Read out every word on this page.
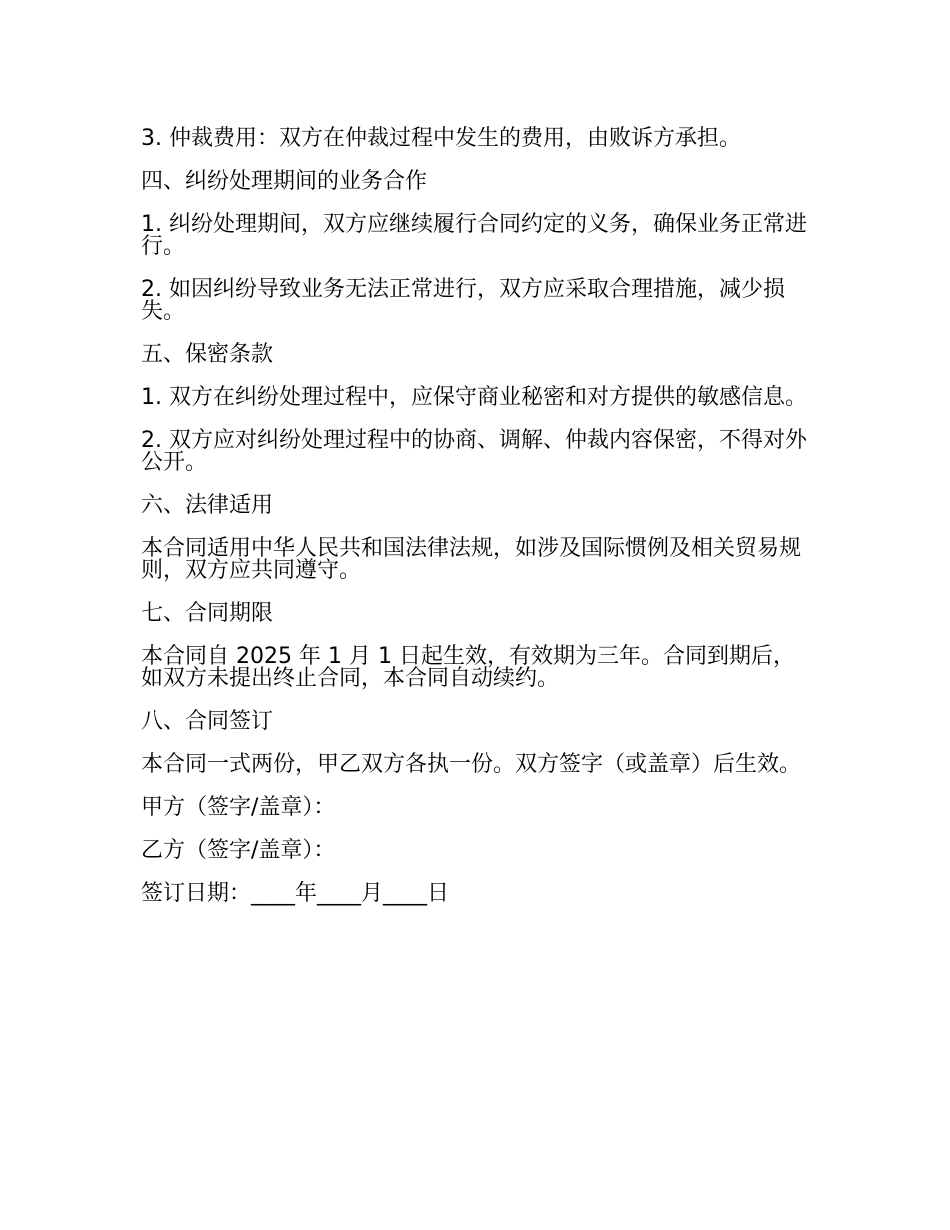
3. 仲裁费用：双方在仲裁过程中发生的费用，由败诉方承担。

四、纠纷处理期间的业务合作

1. 纠纷处理期间，双方应继续履行合同约定的义务，确保业务正常进行。

2. 如因纠纷导致业务无法正常进行，双方应采取合理措施，减少损失。

五、保密条款

1. 双方在纠纷处理过程中，应保守商业秘密和对方提供的敏感信息。

2. 双方应对纠纷处理过程中的协商、调解、仲裁内容保密，不得对外公开。

六、法律适用

本合同适用中华人民共和国法律法规，如涉及国际惯例及相关贸易规则，双方应共同遵守。

七、合同期限

本合同自 2025 年 1 月 1 日起生效，有效期为三年。合同到期后，如双方未提出终止合同，本合同自动续约。

八、合同签订

本合同一式两份，甲乙双方各执一份。双方签字（或盖章）后生效。

甲方（签字/盖章）：

乙方（签字/盖章）：

签订日期：____年____月____日
